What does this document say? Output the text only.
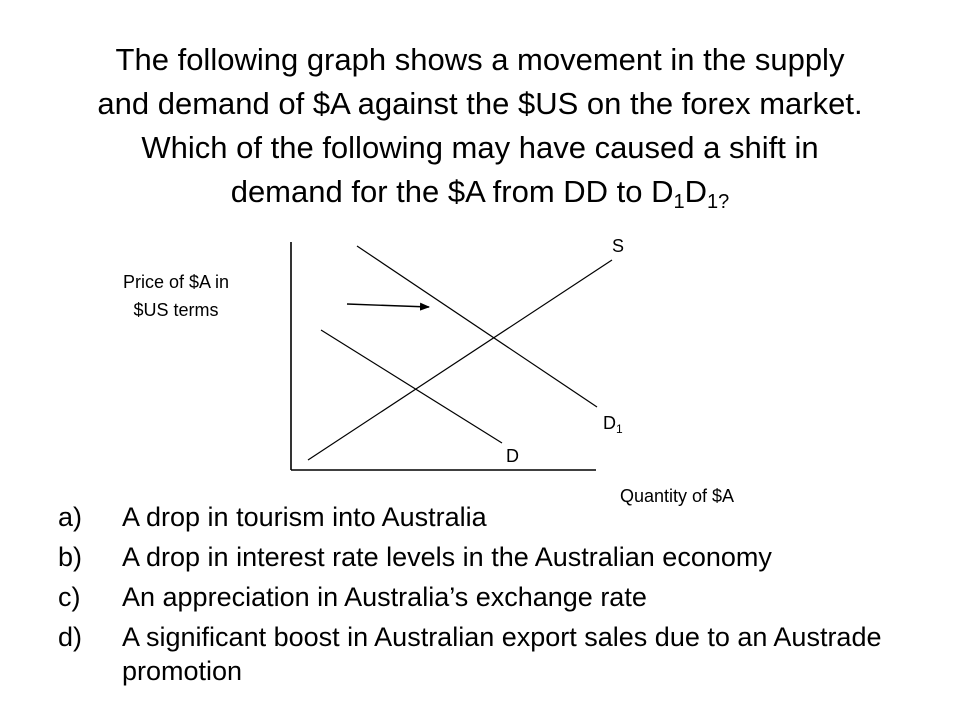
The following graph shows a movement in the supply
and demand of $A against the $US on the forex market.
Which of the following may have caused a shift in
demand for the $A from DD to $D_1D_{1?}$
Price of $A in
$US terms
Quantity of $A
S
$D_1$
D
a)	A drop in tourism into Australia
b)	A drop in interest rate levels in the Australian economy
c)	An appreciation in Australia’s exchange rate
d)	A significant boost in Australian export sales due to an Austrade promotion
